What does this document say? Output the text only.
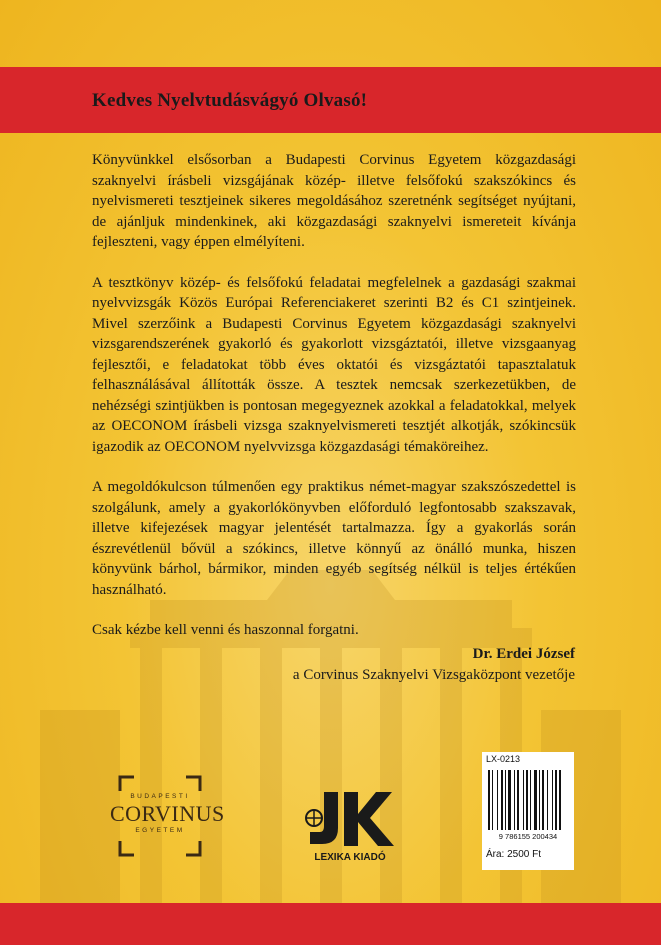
Kedves Nyelvtudásvágyó Olvasó!

Könyvünkkel elsősorban a Budapesti Corvinus Egyetem közgazdasági szaknyelvi írásbeli vizsgájának közép- illetve felsőfokú szakszókincs és nyelvismereti tesztjeinek sikeres megoldásához szeretnénk segítséget nyújtani, de ajánljuk mindenkinek, aki közgazdasági szaknyelvi ismereteit kívánja fejleszteni, vagy éppen elmélyíteni.

A tesztkönyv közép- és felsőfokú feladatai megfelelnek a gazdasági szakmai nyelvvizsgák Közös Európai Referenciakeret szerinti B2 és C1 szintjeinek. Mivel szerzőink a Budapesti Corvinus Egyetem közgazdasági szaknyelvi vizsgarendszerének gyakorló és gyakorlott vizsgáztatói, illetve vizsgaanyag fejlesztői, e feladatokat több éves oktatói és vizsgáztatói tapasztalatuk felhasználásával állították össze. A tesztek nemcsak szerkezetükben, de nehézségi szintjükben is pontosan megegyeznek azokkal a feladatokkal, melyek az OECONOM írásbeli vizsga szaknyelvismereti tesztjét alkotják, szókincsük igazodik az OECONOM nyelvvizsga közgazdasági témaköreihez.

A megoldókulcson túlmenően egy praktikus német-magyar szakszószedettel is szolgálunk, amely a gyakorlókönyvben előforduló legfontosabb szakszavak, illetve kifejezések magyar jelentését tartalmazza. Így a gyakorlás során észrevétlenül bővül a szókincs, illetve könnyű az önálló munka, hiszen könyvünk bárhol, bármikor, minden egyéb segítség nélkül is teljes értékűen használható.

Csak kézbe kell venni és haszonnal forgatni.

Dr. Erdei József
a Corvinus Szaknyelvi Vizsgaközpont vezetője
BUDAPESTI
CORVINUS
EGYETEM
LEXIKA KIADÓ
LX-0213
9 786155 200434
Ára: 2500 Ft
